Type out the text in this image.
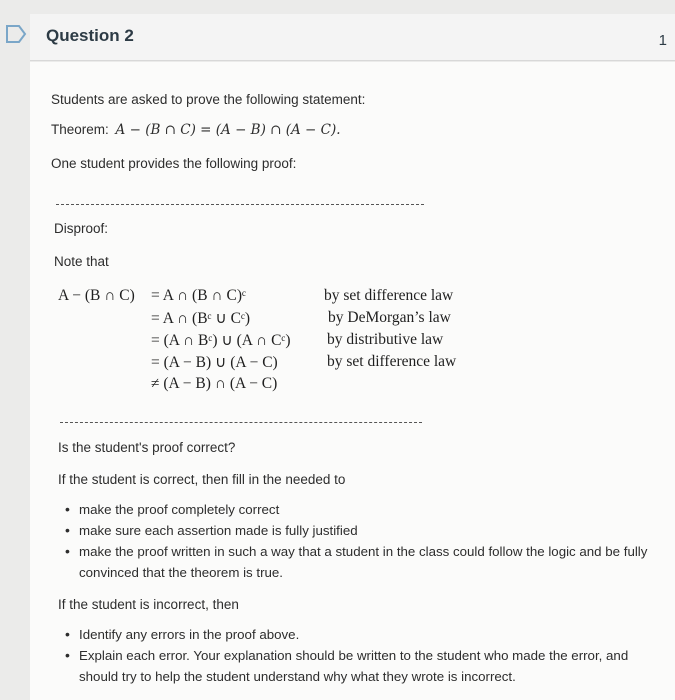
Question 2	1
Students are asked to prove the following statement:
Theorem: A − (B ∩ C) = (A − B) ∩ (A − C).
One student provides the following proof:
Disproof:
Note that
A − (B ∩ C) = A ∩ (B ∩ C)ᶜ	by set difference law
= A ∩ (Bᶜ ∪ Cᶜ)	by DeMorgan’s law
= (A ∩ Bᶜ) ∪ (A ∩ Cᶜ) by distributive law
= (A − B) ∪ (A − C)	by set difference law
≠ (A − B) ∩ (A − C)
Is the student's proof correct?
If the student is correct, then fill in the needed to
• make the proof completely correct
• make sure each assertion made is fully justified
• make the proof written in such a way that a student in the class could follow the logic and be fully convinced that the theorem is true.
If the student is incorrect, then
• Identify any errors in the proof above.
• Explain each error. Your explanation should be written to the student who made the error, and should try to help the student understand why what they wrote is incorrect.
